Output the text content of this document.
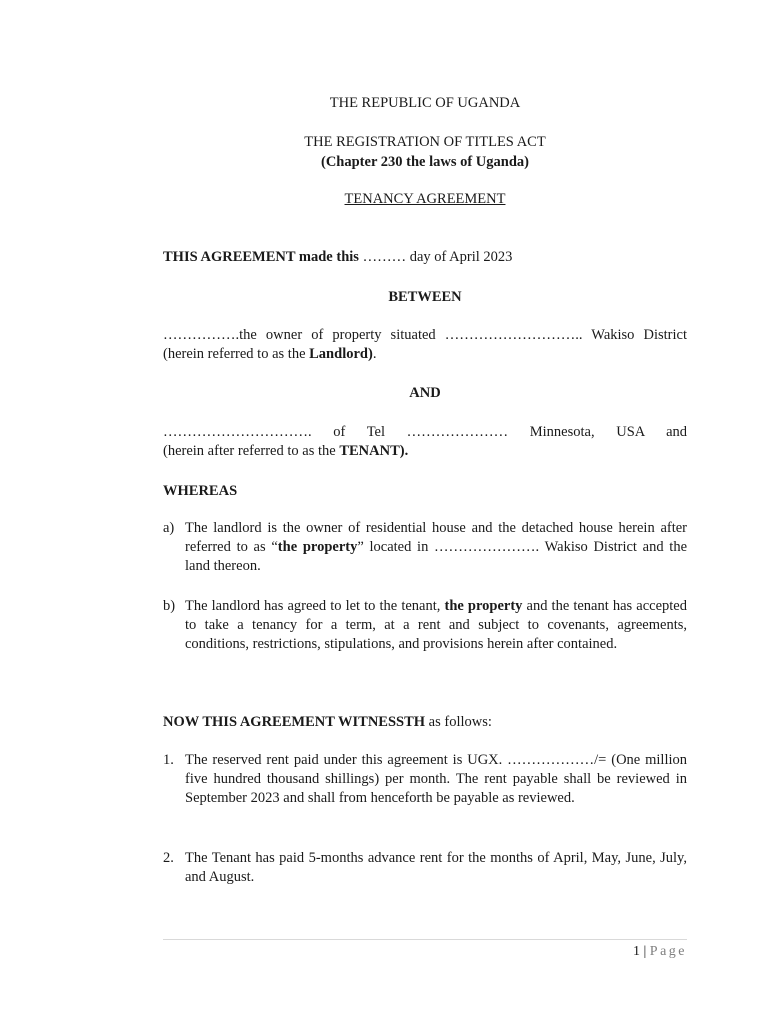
THE REPUBLIC OF UGANDA
THE REGISTRATION OF TITLES ACT
(Chapter 230 the laws of Uganda)
TENANCY AGREEMENT
THIS AGREEMENT made this ……… day of April 2023
BETWEEN
…………….the owner of property situated ……………………….. Wakiso District (herein referred to as the Landlord).
AND
…………………………. of Tel ………………… Minnesota, USA and
(herein after referred to as the TENANT).
WHEREAS
a) The landlord is the owner of residential house and the detached house herein after referred to as “the property” located in …………………. Wakiso District and the land thereon.
b) The landlord has agreed to let to the tenant, the property and the tenant has accepted to take a tenancy for a term, at a rent and subject to covenants, agreements, conditions, restrictions, stipulations, and provisions herein after contained.
NOW THIS AGREEMENT WITNESSTH as follows:
1. The reserved rent paid under this agreement is UGX. ………………/= (One million five hundred thousand shillings) per month. The rent payable shall be reviewed in September 2023 and shall from henceforth be payable as reviewed.
2. The Tenant has paid 5-months advance rent for the months of April, May, June, July, and August.
1 | Page
